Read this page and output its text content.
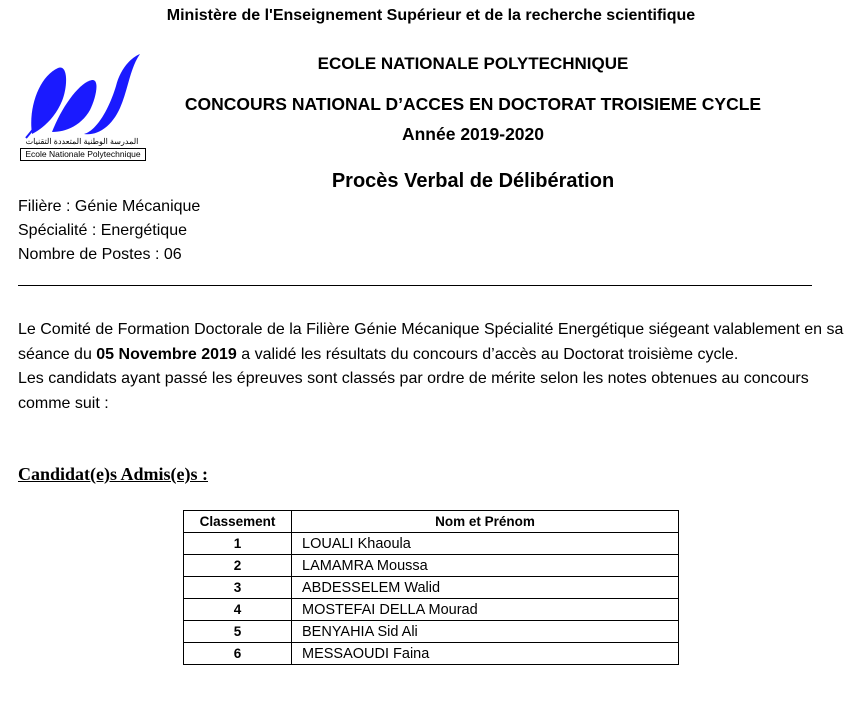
Ministère de l'Enseignement Supérieur et de la recherche scientifique
المدرسة الوطنية المتعددة التقنيات
Ecole Nationale Polytechnique
ECOLE NATIONALE POLYTECHNIQUE
CONCOURS NATIONAL D’ACCES EN DOCTORAT TROISIEME CYCLE
Année 2019-2020
Procès Verbal de Délibération
Filière : Génie Mécanique
Spécialité : Energétique
Nombre de Postes : 06
Le Comité de Formation Doctorale de la Filière Génie Mécanique Spécialité Energétique siégeant valablement en sa séance du 05 Novembre 2019 a validé les résultats du concours d’accès au Doctorat troisième cycle.
Les candidats ayant passé les épreuves sont classés par ordre de mérite selon les notes obtenues au concours comme suit :
Candidat(e)s Admis(e)s :
Classement	Nom et Prénom
1	LOUALI Khaoula
2	LAMAMRA Moussa
3	ABDESSELEM Walid
4	MOSTEFAI DELLA Mourad
5	BENYAHIA Sid Ali
6	MESSAOUDI Faina
